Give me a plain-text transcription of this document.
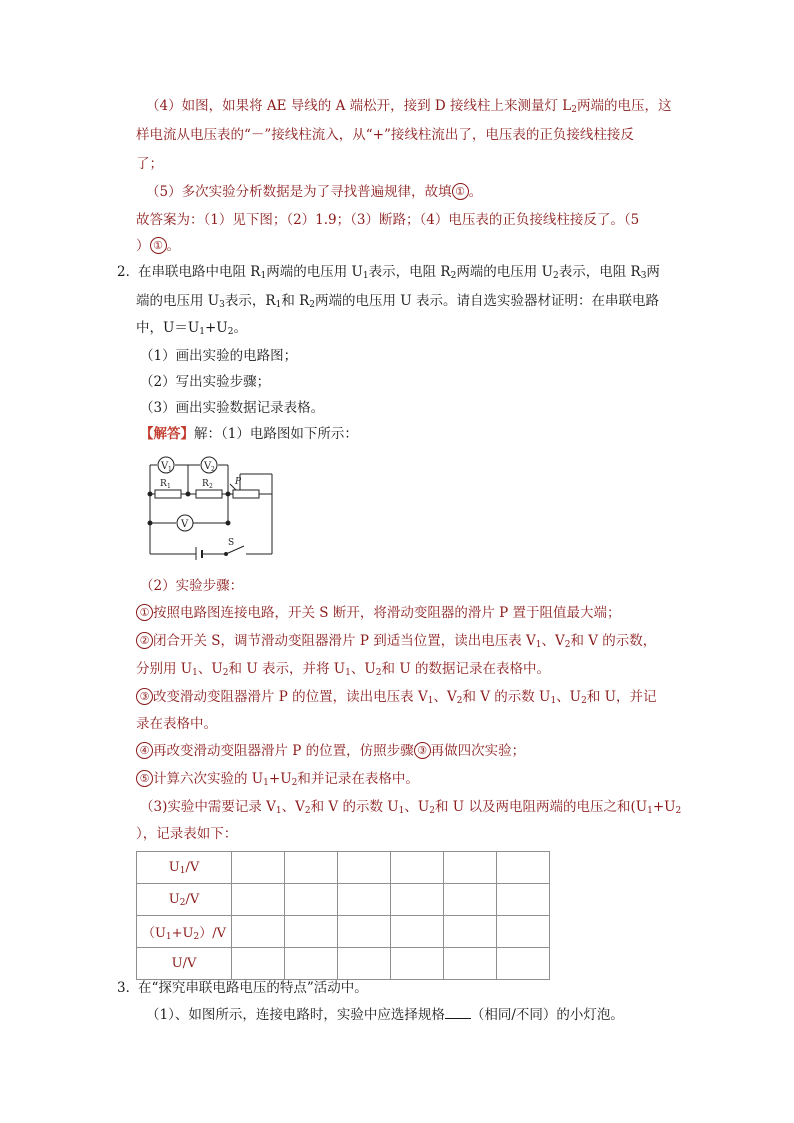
（4）如图，如果将 AE 导线的 A 端松开，接到 D 接线柱上来测量灯 $L_2$两端的电压，这
样电流从电压表的“－”接线柱流入，从“+”接线柱流出了，电压表的正负接线柱接反
了；
（5）多次实验分析数据是为了寻找普遍规律，故填 ① 。
故答案为：（1）见下图；（2）1.9；（3）断路；（4）电压表的正负接线柱接反了。（5
） ① 。
2．
在串联电路中电阻 $R_1$两端的电压用 $U_1$表示，电阻 $R_2$两端的电压用 $U_2$表示，电阻 $R_3$两
端的电压用 $U_3$表示，$R_1$和 $R_2$两端的电压用 U 表示。请自选实验器材证明：在串联电路
中，$U=U_1+U_2$。
（1）画出实验的电路图；
（2）写出实验步骤；
（3）画出实验数据记录表格。
【解答】解：（1）电路图如下所示：
V 1	V 2
R 1	R 2 P
V
S
（2）实验步骤：
① 按照电路图连接电路，开关 S 断开，将滑动变阻器的滑片 P 置于阻值最大端；
② 闭合开关 S，调节滑动变阻器滑片 P 到适当位置，读出电压表 $V_1$、$V_2$和 V 的示数，
分别用 $U_1$、$U_2$和 U 表示，并将 $U_1$、$U_2$和 U 的数据记录在表格中。
③ 改变滑动变阻器滑片 P 的位置，读出电压表 $V_1$、$V_2$和 V 的示数 $U_1$、$U_2$和 U，并记
录在表格中。
④ 再改变滑动变阻器滑片 P 的位置，仿照步骤 ③ 再做四次实验；
⑤ 计算六次实验的 $U_1+U_2$和并记录在表格中。
（3)实验中需要记录 $V_1$、$V_2$和 V 的示数 $U_1$、$U_2$和 U 以及两电阻两端的电压之和($U_1+U_2$
），记录表如下：
$U_1/V$						
$U_2/V$						
$(U_1+U_2)/V$						
U/V						
3．
在“探究串联电路电压的特点”活动中。
（1）、如图所示，连接电路时，实验中应选择规格 （相同/不同）的小灯泡。
